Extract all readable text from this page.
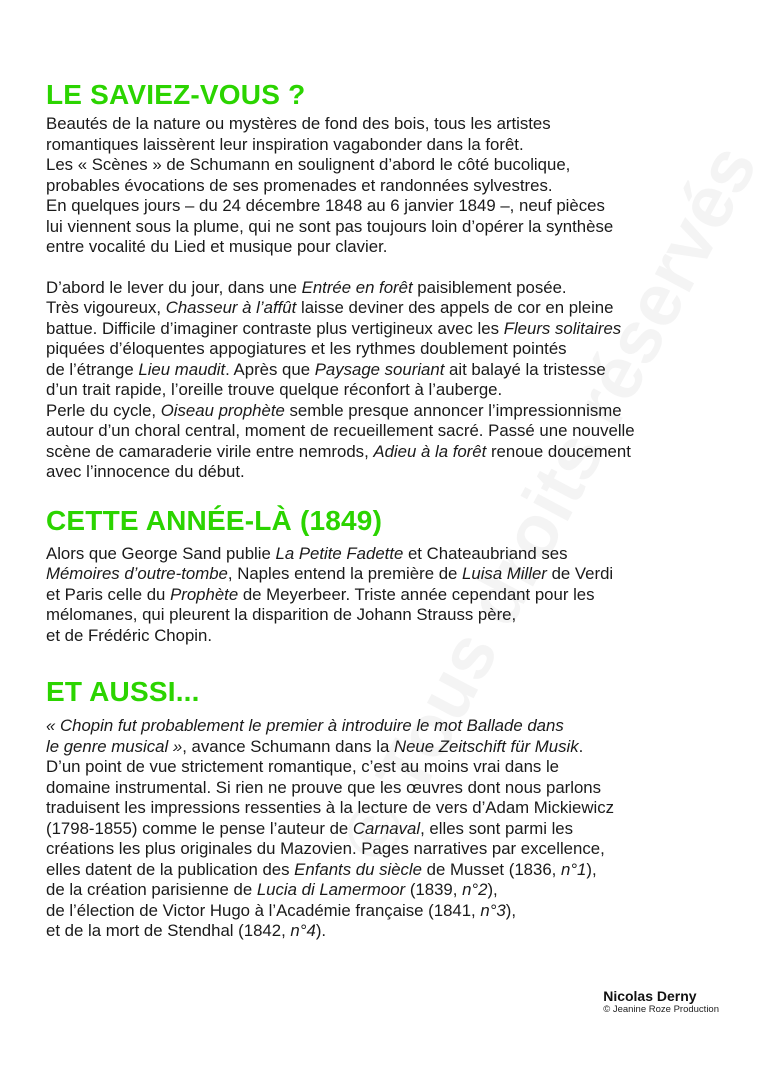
LE SAVIEZ-VOUS ?

Beautés de la nature ou mystères de fond des bois, tous les artistes
romantiques laissèrent leur inspiration vagabonder dans la forêt.
Les « Scènes » de Schumann en soulignent d’abord le côté bucolique,
probables évocations de ses promenades et randonnées sylvestres.
En quelques jours – du 24 décembre 1848 au 6 janvier 1849 –, neuf pièces
lui viennent sous la plume, qui ne sont pas toujours loin d’opérer la synthèse
entre vocalité du Lied et musique pour clavier.

D’abord le lever du jour, dans une Entrée en forêt paisiblement posée.
Très vigoureux, Chasseur à l’affût laisse deviner des appels de cor en pleine
battue. Difficile d’imaginer contraste plus vertigineux avec les Fleurs solitaires
piquées d’éloquentes appogiatures et les rythmes doublement pointés
de l’étrange Lieu maudit. Après que Paysage souriant ait balayé la tristesse
d’un trait rapide, l’oreille trouve quelque réconfort à l’auberge.
Perle du cycle, Oiseau prophète semble presque annoncer l’impressionnisme
autour d’un choral central, moment de recueillement sacré. Passé une nouvelle
scène de camaraderie virile entre nemrods, Adieu à la forêt renoue doucement
avec l’innocence du début.

CETTE ANNÉE-LÀ (1849)

Alors que George Sand publie La Petite Fadette et Chateaubriand ses
Mémoires d’outre-tombe, Naples entend la première de Luisa Miller de Verdi
et Paris celle du Prophète de Meyerbeer. Triste année cependant pour les
mélomanes, qui pleurent la disparition de Johann Strauss père,
et de Frédéric Chopin.

ET AUSSI...

« Chopin fut probablement le premier à introduire le mot Ballade dans
le genre musical », avance Schumann dans la Neue Zeitschift für Musik.
D’un point de vue strictement romantique, c’est au moins vrai dans le
domaine instrumental. Si rien ne prouve que les œuvres dont nous parlons
traduisent les impressions ressenties à la lecture de vers d’Adam Mickiewicz
(1798-1855) comme le pense l’auteur de Carnaval, elles sont parmi les
créations les plus originales du Mazovien. Pages narratives par excellence,
elles datent de la publication des Enfants du siècle de Musset (1836, n°1),
de la création parisienne de Lucia di Lamermoor (1839, n°2),
de l’élection de Victor Hugo à l’Académie française (1841, n°3),
et de la mort de Stendhal (1842, n°4).

Nicolas Derny
© Jeanine Roze Production
